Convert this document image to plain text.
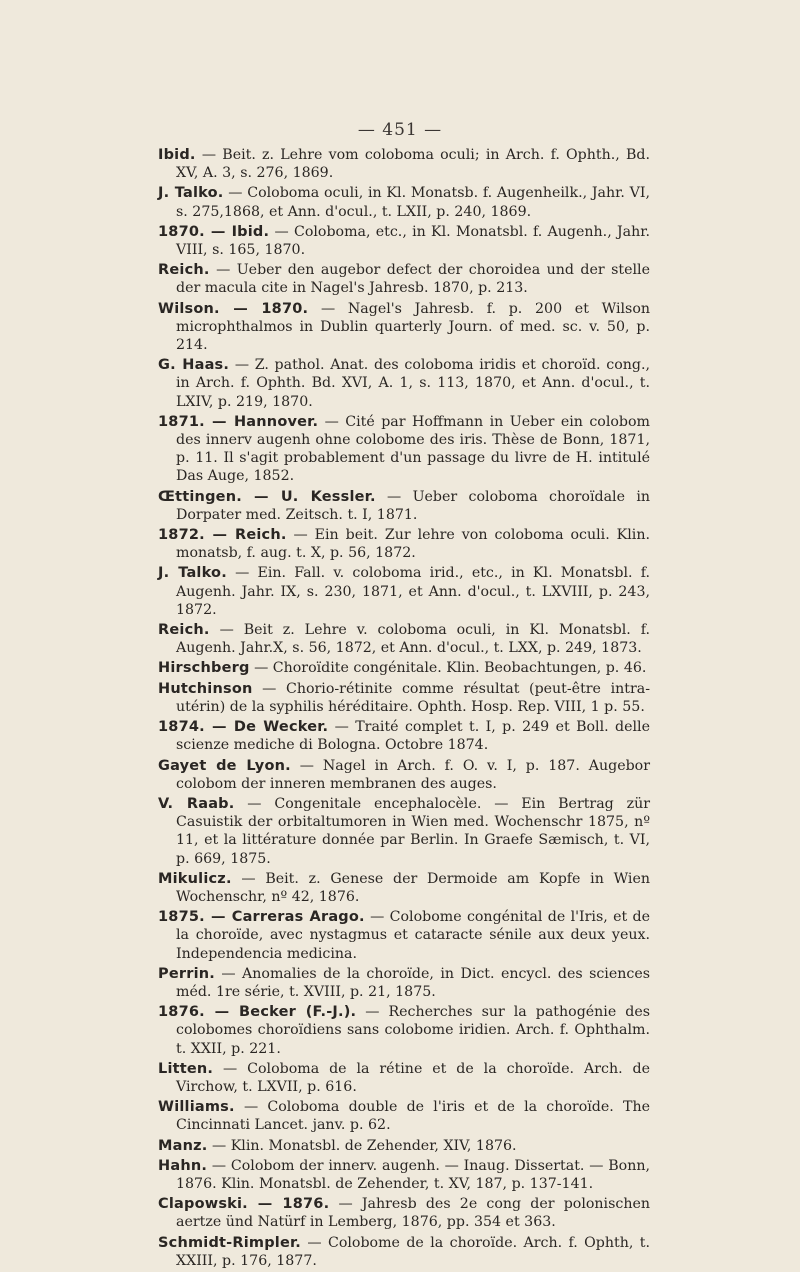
— 451 —

Ibid. — Beit. z. Lehre vom coloboma oculi; in Arch. f. Ophth., Bd. XV, A. 3, s. 276, 1869.

J. Talko. — Coloboma oculi, in Kl. Monatsb. f. Augenheilk., Jahr. VI, s. 275,1868, et Ann. d'ocul., t. LXII, p. 240, 1869.

1870. — Ibid. — Coloboma, etc., in Kl. Monatsbl. f. Augenh., Jahr. VIII, s. 165, 1870.

Reich. — Ueber den augebor defect der choroidea und der stelle der macula cite in Nagel's Jahresb. 1870, p. 213.

Wilson. — 1870. — Nagel's Jahresb. f. p. 200 et Wilson microphthalmos in Dublin quarterly Journ. of med. sc. v. 50, p. 214.

G. Haas. — Z. pathol. Anat. des coloboma iridis et choroïd. cong., in Arch. f. Ophth. Bd. XVI, A. 1, s. 113, 1870, et Ann. d'ocul., t. LXIV, p. 219, 1870.

1871. — Hannover. — Cité par Hoffmann in Ueber ein colobom des innerv augenh ohne colobome des iris. Thèse de Bonn, 1871, p. 11. Il s'agit probablement d'un passage du livre de H. intitulé Das Auge, 1852.

Œttingen. — U. Kessler. — Ueber coloboma choroïdale in Dorpater med. Zeitsch. t. I, 1871.

1872. — Reich. — Ein beit. Zur lehre von coloboma oculi. Klin. monatsb, f. aug. t. X, p. 56, 1872.

J. Talko. — Ein. Fall. v. coloboma irid., etc., in Kl. Monatsbl. f. Augenh. Jahr. IX, s. 230, 1871, et Ann. d'ocul., t. LXVIII, p. 243, 1872.

Reich. — Beit z. Lehre v. coloboma oculi, in Kl. Monatsbl. f. Augenh. Jahr.X, s. 56, 1872, et Ann. d'ocul., t. LXX, p. 249, 1873.

Hirschberg — Choroïdite congénitale. Klin. Beobachtungen, p. 46.

Hutchinson — Chorio-rétinite comme résultat (peut-être intra-utérin) de la syphilis héréditaire. Ophth. Hosp. Rep. VIII, 1 p. 55.

1874. — De Wecker. — Traité complet t. I, p. 249 et Boll. delle scienze mediche di Bologna. Octobre 1874.

Gayet de Lyon. — Nagel in Arch. f. O. v. I, p. 187. Augebor colobom der inneren membranen des auges.

V. Raab. — Congenitale encephalocèle. — Ein Bertrag zür Casuistik der orbitaltumoren in Wien med. Wochenschr 1875, nº 11, et la littérature donnée par Berlin. In Graefe Sæmisch, t. VI, p. 669, 1875.

Mikulicz. — Beit. z. Genese der Dermoide am Kopfe in Wien Wochenschr, nº 42, 1876.

1875. — Carreras Arago. — Colobome congénital de l'Iris, et de la choroïde, avec nystagmus et cataracte sénile aux deux yeux. Independencia medicina.

Perrin. — Anomalies de la choroïde, in Dict. encycl. des sciences méd. 1re série, t. XVIII, p. 21, 1875.

1876. — Becker (F.-J.). — Recherches sur la pathogénie des colobomes choroïdiens sans colobome iridien. Arch. f. Ophthalm. t. XXII, p. 221.

Litten. — Coloboma de la rétine et de la choroïde. Arch. de Virchow, t. LXVII, p. 616.

Williams. — Coloboma double de l'iris et de la choroïde. The Cincinnati Lancet. janv. p. 62.

Manz. — Klin. Monatsbl. de Zehender, XIV, 1876.

Hahn. — Colobom der innerv. augenh. — Inaug. Dissertat. — Bonn, 1876. Klin. Monatsbl. de Zehender, t. XV, 187, p. 137-141.

Clapowski. — 1876. — Jahresb des 2e cong der polonischen aertze ünd Natürf in Lemberg, 1876, pp. 354 et 363.

Schmidt-Rimpler. — Colobome de la choroïde. Arch. f. Ophth, t. XXIII, p. 176, 1877.
